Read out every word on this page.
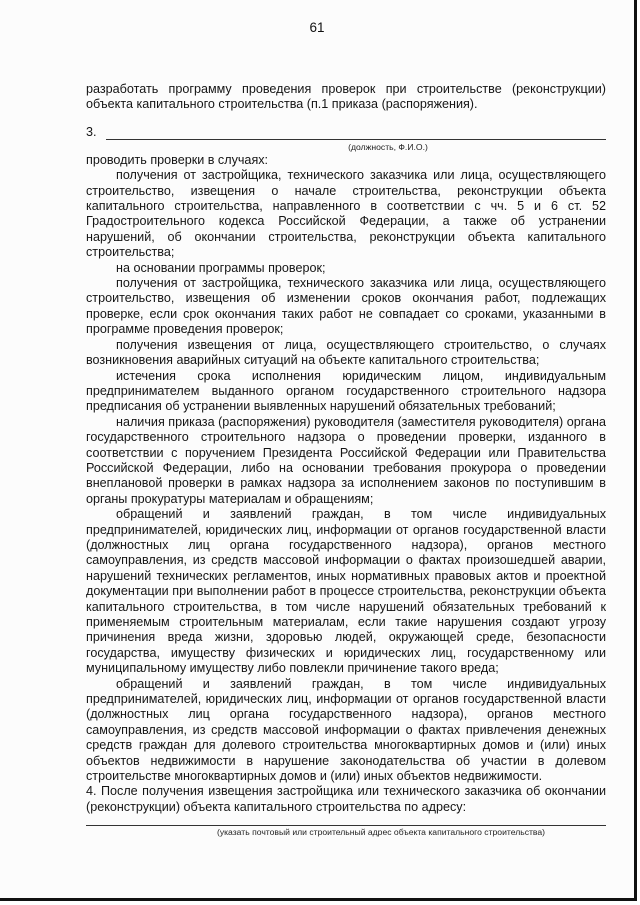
61

разработать программу проведения проверок при строительстве (реконструкции) объекта капитального строительства (п.1 приказа (распоряжения).

3.
(должность, Ф.И.О.)

проводить проверки в случаях:

получения от застройщика, технического заказчика или лица, осуществляющего строительство, извещения о начале строительства, реконструкции объекта капитального строительства, направленного в соответствии с чч. 5 и 6 ст. 52 Градостроительного кодекса Российской Федерации, а также об устранении нарушений, об окончании строительства, реконструкции объекта капитального строительства;

на основании программы проверок;

получения от застройщика, технического заказчика или лица, осуществляющего строительство, извещения об изменении сроков окончания работ, подлежащих проверке, если срок окончания таких работ не совпадает со сроками, указанными в программе проведения проверок;

получения извещения от лица, осуществляющего строительство, о случаях возникновения аварийных ситуаций на объекте капитального строительства;

истечения срока исполнения юридическим лицом, индивидуальным предпринимателем выданного органом государственного строительного надзора предписания об устранении выявленных нарушений обязательных требований;

наличия приказа (распоряжения) руководителя (заместителя руководителя) органа государственного строительного надзора о проведении проверки, изданного в соответствии с поручением Президента Российской Федерации или Правительства Российской Федерации, либо на основании требования прокурора о проведении внеплановой проверки в рамках надзора за исполнением законов по поступившим в органы прокуратуры материалам и обращениям;

обращений и заявлений граждан, в том числе индивидуальных предпринимателей, юридических лиц, информации от органов государственной власти (должностных лиц органа государственного надзора), органов местного самоуправления, из средств массовой информации о фактах произошедшей аварии, нарушений технических регламентов, иных нормативных правовых актов и проектной документации при выполнении работ в процессе строительства, реконструкции объекта капитального строительства, в том числе нарушений обязательных требований к применяемым строительным материалам, если такие нарушения создают угрозу причинения вреда жизни, здоровью людей, окружающей среде, безопасности государства, имуществу физических и юридических лиц, государственному или муниципальному имуществу либо повлекли причинение такого вреда;

обращений и заявлений граждан, в том числе индивидуальных предпринимателей, юридических лиц, информации от органов государственной власти (должностных лиц органа государственного надзора), органов местного самоуправления, из средств массовой информации о фактах привлечения денежных средств граждан для долевого строительства многоквартирных домов и (или) иных объектов недвижимости в нарушение законодательства об участии в долевом строительстве многоквартирных домов и (или) иных объектов недвижимости.

4. После получения извещения застройщика или технического заказчика об окончании (реконструкции) объекта капитального строительства по адресу:

(указать почтовый или строительный адрес объекта капитального строительства)
